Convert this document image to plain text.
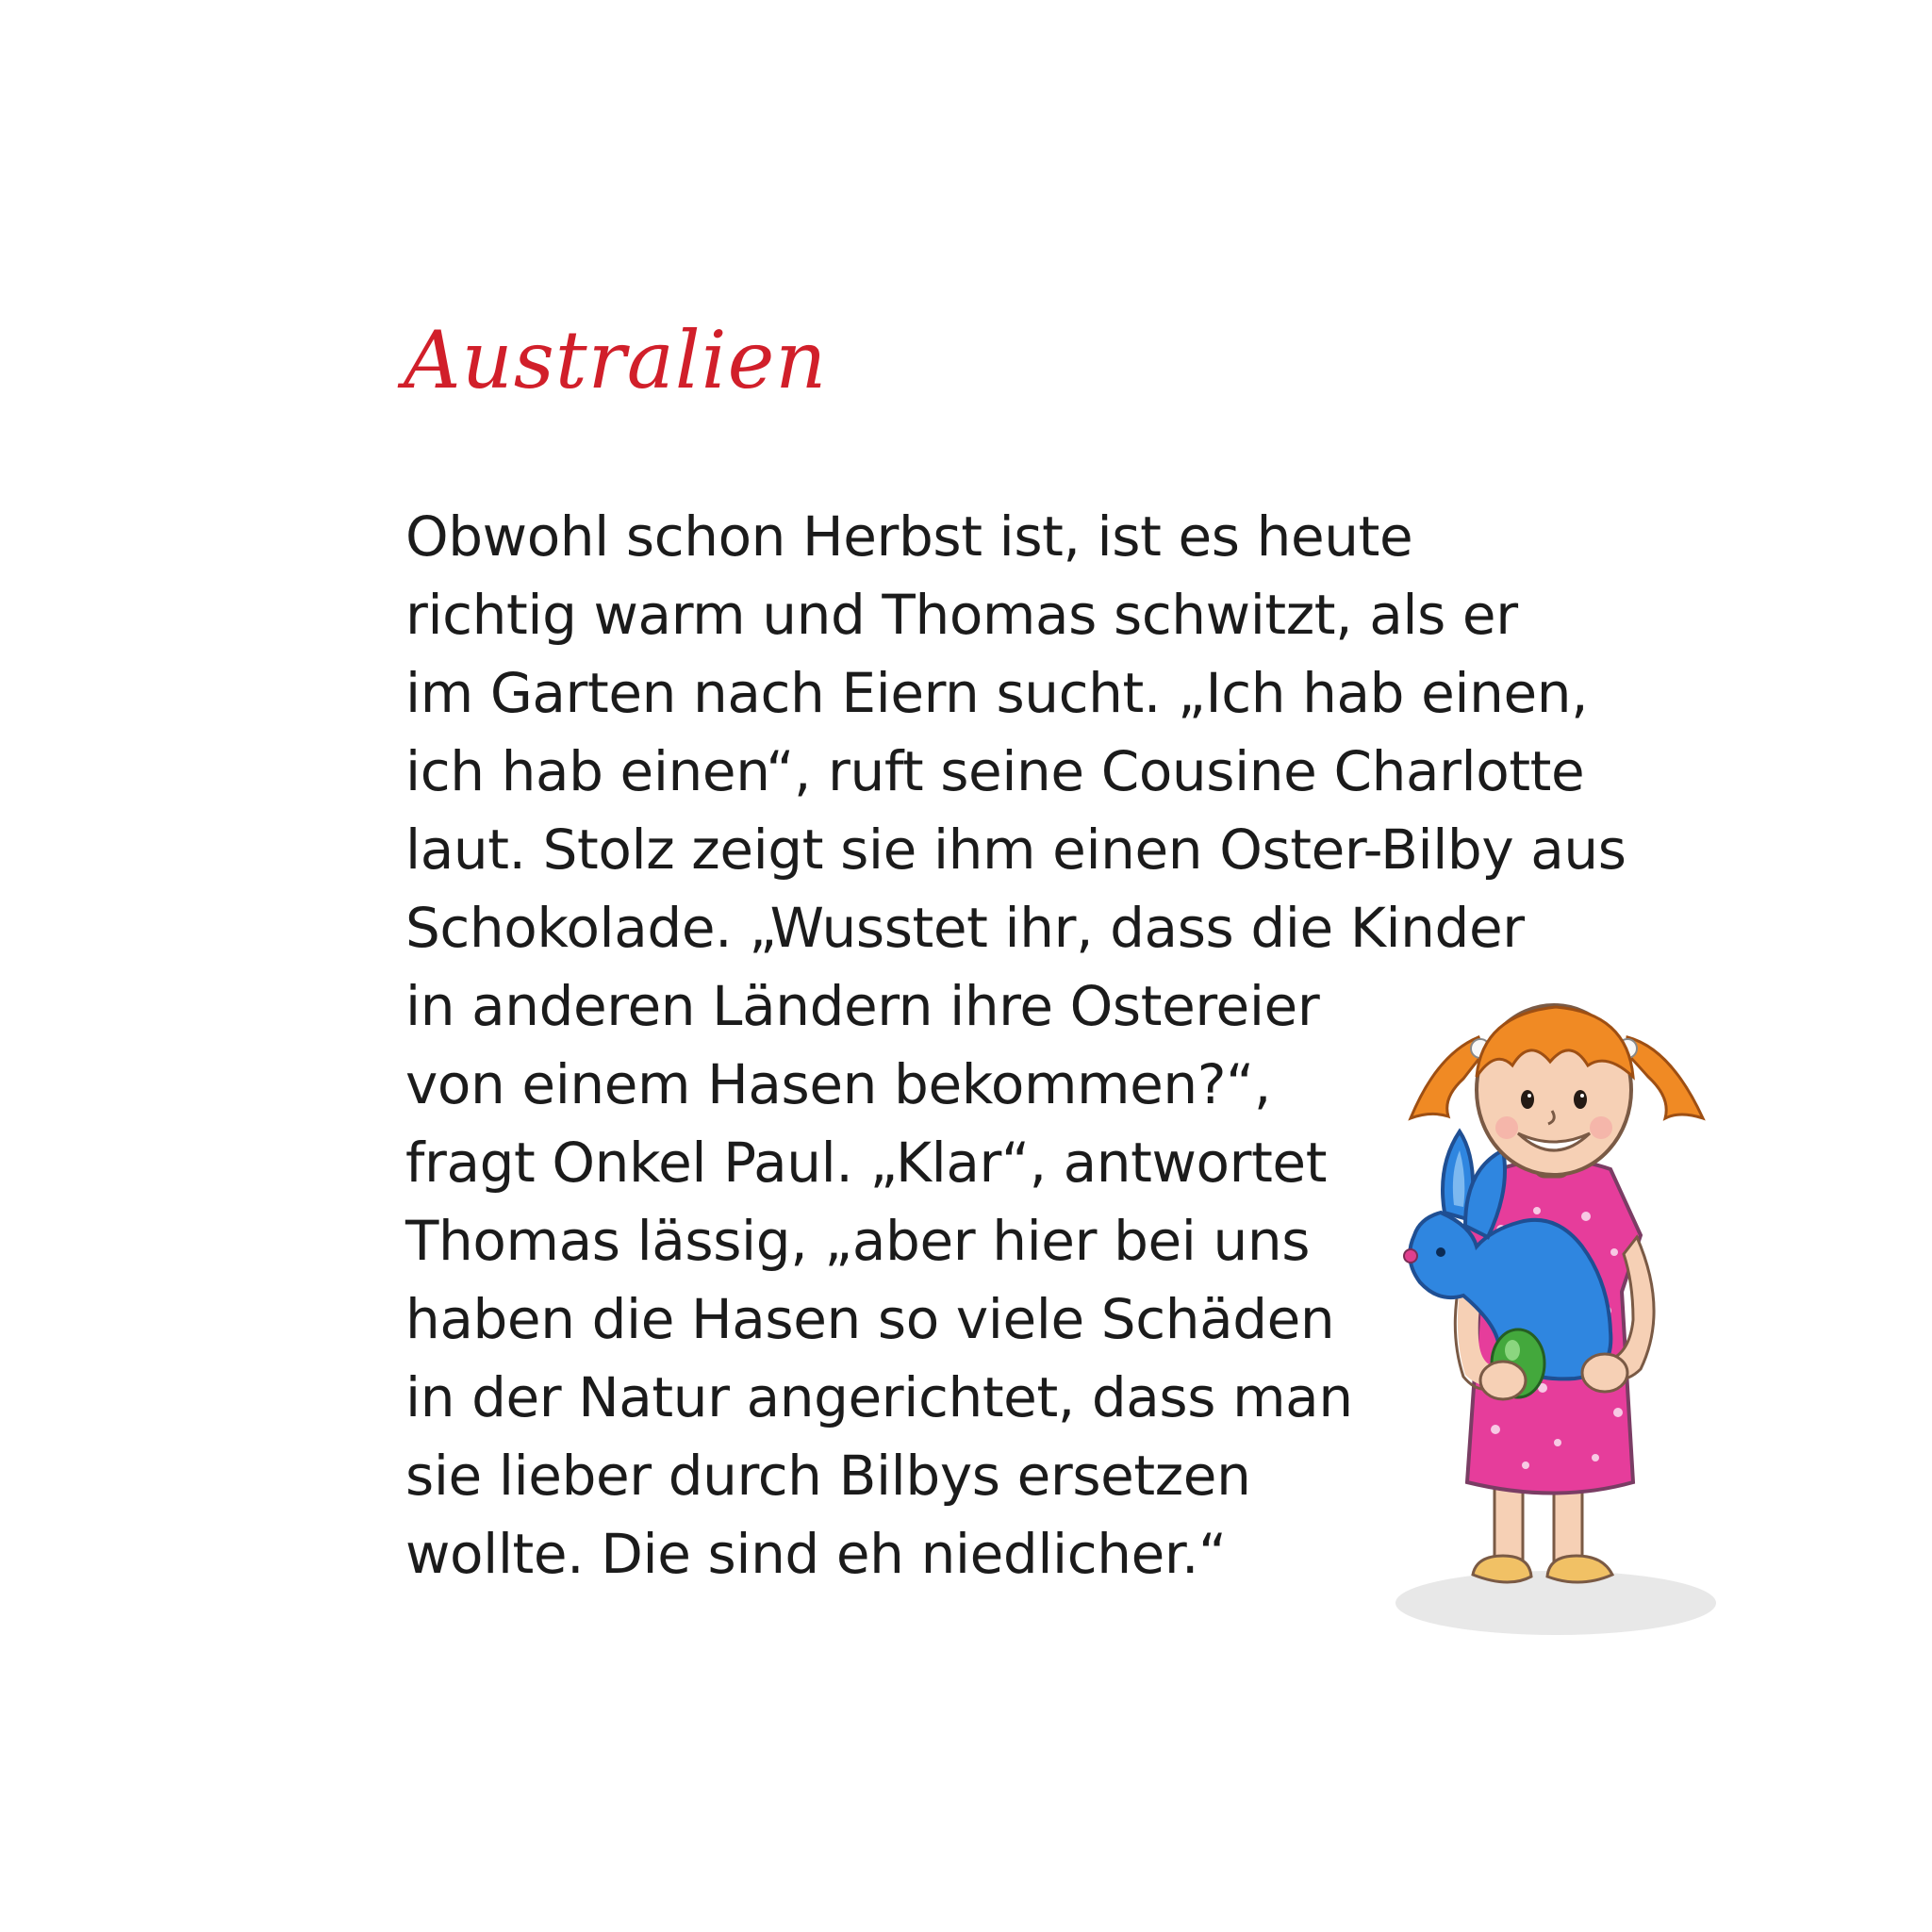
Australien

Obwohl schon Herbst ist, ist es heute
richtig warm und Thomas schwitzt, als er
im Garten nach Eiern sucht. „Ich hab einen,
ich hab einen“, ruft seine Cousine Charlotte
laut. Stolz zeigt sie ihm einen Oster-Bilby aus
Schokolade. „Wusstet ihr, dass die Kinder
in anderen Ländern ihre Ostereier
von einem Hasen bekommen?“,
fragt Onkel Paul. „Klar“, antwortet
Thomas lässig, „aber hier bei uns
haben die Hasen so viele Schäden
in der Natur angerichtet, dass man
sie lieber durch Bilbys ersetzen
wollte. Die sind eh niedlicher.“
